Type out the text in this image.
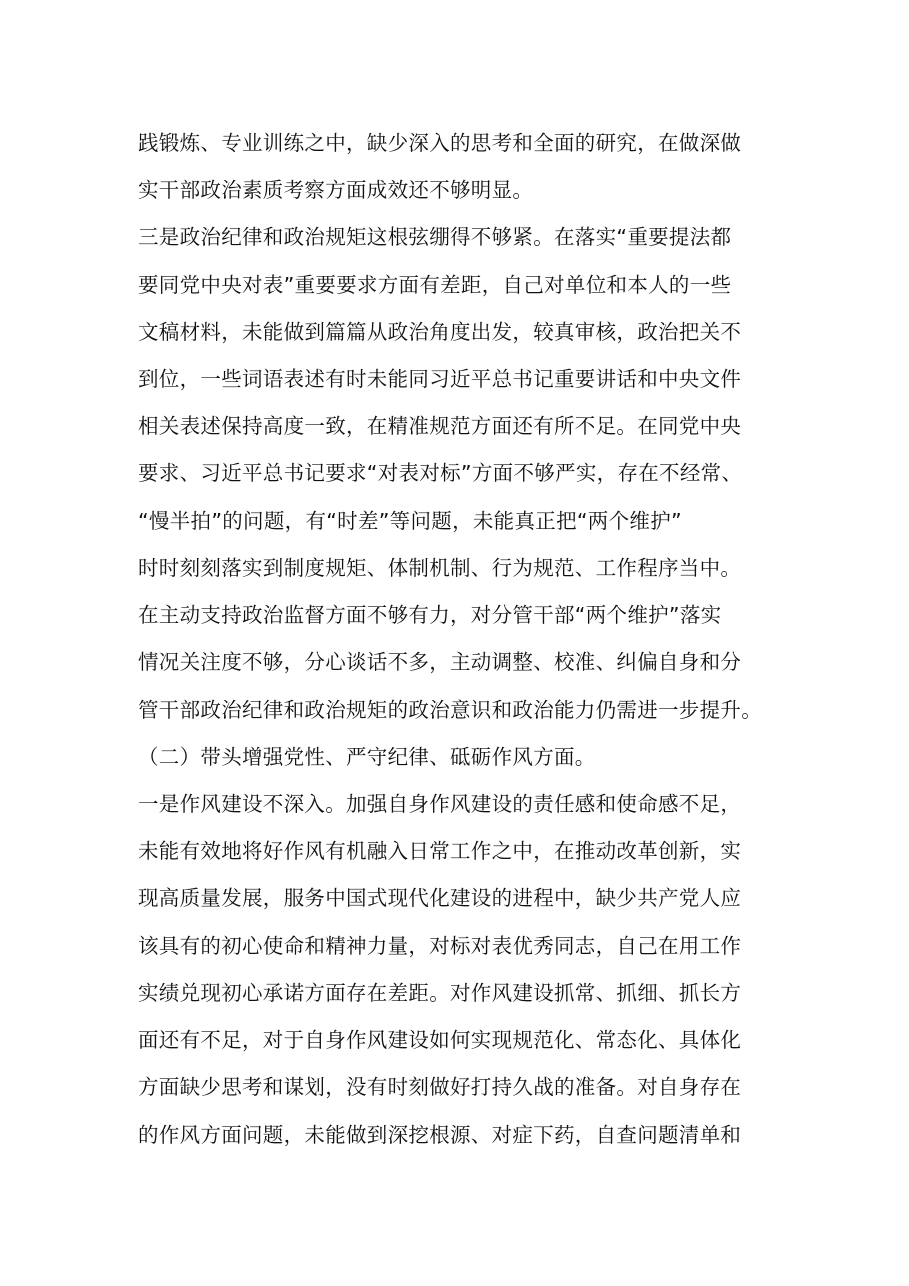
践锻炼、专业训练之中，缺少深入的思考和全面的研究，在做深做
实干部政治素质考察方面成效还不够明显。
三是政治纪律和政治规矩这根弦绷得不够紧。在落实“重要提法都
要同党中央对表”重要要求方面有差距，自己对单位和本人的一些
文稿材料，未能做到篇篇从政治角度出发，较真审核，政治把关不
到位，一些词语表述有时未能同习近平总书记重要讲话和中央文件
相关表述保持高度一致，在精准规范方面还有所不足。在同党中央
要求、习近平总书记要求“对表对标”方面不够严实，存在不经常、
“慢半拍”的问题，有“时差”等问题，未能真正把“两个维护”
时时刻刻落实到制度规矩、体制机制、行为规范、工作程序当中。
在主动支持政治监督方面不够有力，对分管干部“两个维护”落实
情况关注度不够，分心谈话不多，主动调整、校准、纠偏自身和分
管干部政治纪律和政治规矩的政治意识和政治能力仍需进一步提升。
（二）带头增强党性、严守纪律、砥砺作风方面。
一是作风建设不深入。加强自身作风建设的责任感和使命感不足，
未能有效地将好作风有机融入日常工作之中，在推动改革创新，实
现高质量发展，服务中国式现代化建设的进程中，缺少共产党人应
该具有的初心使命和精神力量，对标对表优秀同志，自己在用工作
实绩兑现初心承诺方面存在差距。对作风建设抓常、抓细、抓长方
面还有不足，对于自身作风建设如何实现规范化、常态化、具体化
方面缺少思考和谋划，没有时刻做好打持久战的准备。对自身存在
的作风方面问题，未能做到深挖根源、对症下药，自查问题清单和
